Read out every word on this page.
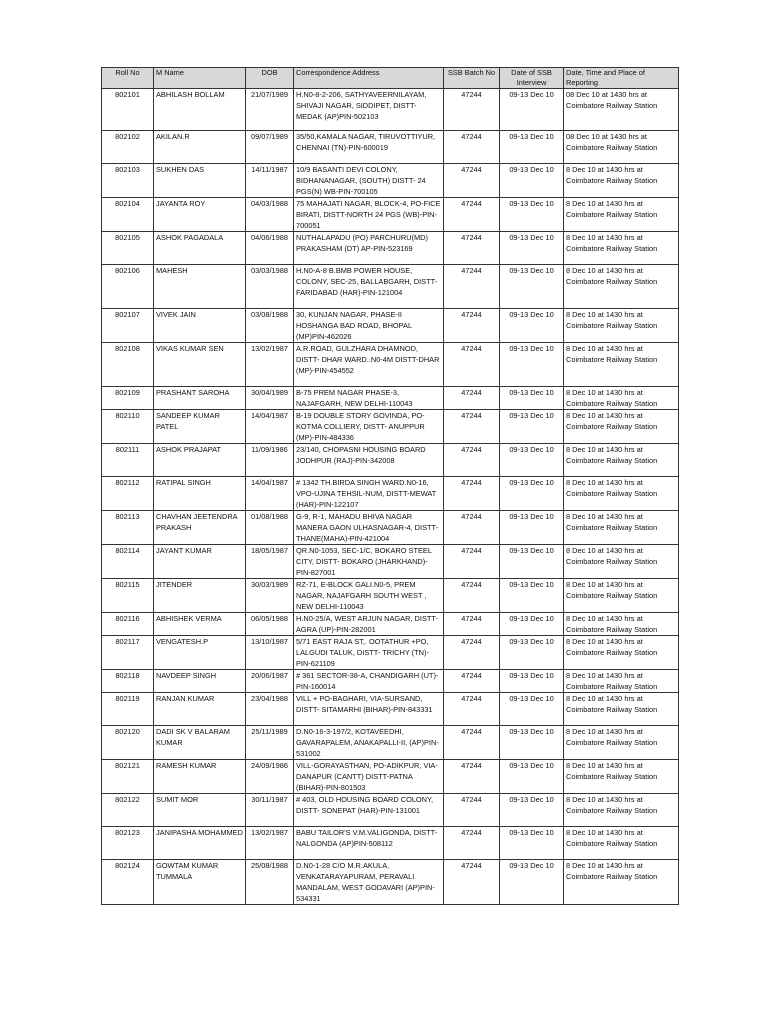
Roll No	M Name	DOB	Correspondence Address	SSB Batch No	Date of SSB Interview	Date, Time and Place of Reporting
802101	ABHILASH BOLLAM	21/07/1989	H.N0-8-2-206, SATHYAVEERNILAYAM, SHIVAJI NAGAR, SIDDIPET, DISTT- MEDAK (AP)PIN-502103	47244	09-13 Dec 10	08 Dec 10 at 1430 hrs at Coimbatore Railway Station
802102	AKILAN.R	09/07/1989	35/50,KAMALA NAGAR, TIRUVOTTIYUR, CHENNAI (TN)-PIN-600019	47244	09-13 Dec 10	08 Dec 10 at 1430 hrs at Coimbatore Railway Station
802103	SUKHEN DAS	14/11/1987	10/9 BASANTI DEVI COLONY, BIDHANANAGAR, (SOUTH) DISTT- 24 PGS(N) WB-PIN-700105	47244	09-13 Dec 10	8 Dec 10 at 1430 hrs at Coimbatore Railway Station
802104	JAYANTA ROY	04/03/1988	75 MAHAJATI NAGAR, BLOCK-4, PO-FICE BIRATI, DISTT-NORTH 24 PGS (WB)-PIN-700051	47244	09-13 Dec 10	8 Dec 10 at 1430 hrs at Coimbatore Railway Station
802105	ASHOK PAGADALA	04/06/1988	NUTHALAPADU (PO) PARCHURU(MD) PRAKASHAM (DT) AP-PIN-523169	47244	09-13 Dec 10	8 Dec 10 at 1430 hrs at Coimbatore Railway Station
802106	MAHESH	03/03/1988	H.N0-A-8 B.BMB POWER HOUSE, COLONY, SEC-25, BALLABGARH, DISTT- FARIDABAD (HAR)-PIN-121004	47244	09-13 Dec 10	8 Dec 10 at 1430 hrs at Coimbatore Railway Station
802107	VIVEK JAIN	03/08/1988	30, KUNJAN NAGAR, PHASE-II HOSHANGA BAD ROAD, BHOPAL (MP)PIN-462026	47244	09-13 Dec 10	8 Dec 10 at 1430 hrs at Coimbatore Railway Station
802108	VIKAS KUMAR SEN	13/02/1987	A.R.ROAD, GULZHARA DHAMNOD, DISTT- DHAR WARD..N0-4M DISTT-DHAR (MP)-PIN-454552	47244	09-13 Dec 10	8 Dec 10 at 1430 hrs at Coimbatore Railway Station
802109	PRASHANT SAROHA	30/04/1989	B-75 PREM NAGAR PHASE-3, NAJAFGARH, NEW DELHI-110043	47244	09-13 Dec 10	8 Dec 10 at 1430 hrs at Coimbatore Railway Station
802110	SANDEEP KUMAR PATEL	14/04/1987	B-19 DOUBLE STORY GOVINDA, PO-KOTMA COLLIERY, DISTT- ANUPPUR (MP)-PIN-484336	47244	09-13 Dec 10	8 Dec 10 at 1430 hrs at Coimbatore Railway Station
802111	ASHOK PRAJAPAT	11/09/1986	23/140, CHOPASNI HOUSING BOARD JODHPUR (RAJ)-PIN-342008	47244	09-13 Dec 10	8 Dec 10 at 1430 hrs at Coimbatore Railway Station
802112	RATIPAL SINGH	14/04/1987	# 1342 TH.BIRDA SINGH WARD.N0-16, VPO-UJINA TEHSIL-NUM, DISTT-MEWAT (HAR)-PIN-122107	47244	09-13 Dec 10	8 Dec 10 at 1430 hrs at Coimbatore Railway Station
802113	CHAVHAN JEETENDRA PRAKASH	01/08/1988	G-9, R-1, MAHADU BHIVA NAGAR MANERA GAON ULHASNAGAR-4, DISTT-THANE(MAHA)-PIN-421004	47244	09-13 Dec 10	8 Dec 10 at 1430 hrs at Coimbatore Railway Station
802114	JAYANT KUMAR	18/05/1987	QR.N0-1053, SEC-1/C, BOKARO STEEL CITY, DISTT- BOKARO (JHARKHAND)-PIN-827001	47244	09-13 Dec 10	8 Dec 10 at 1430 hrs at Coimbatore Railway Station
802115	JITENDER	30/03/1989	RZ-71, E-BLOCK GALI.N0-5, PREM NAGAR, NAJAFGARH SOUTH WEST , NEW DELHI-110043	47244	09-13 Dec 10	8 Dec 10 at 1430 hrs at Coimbatore Railway Station
802116	ABHISHEK VERMA	06/05/1988	H.N0-25/A, WEST ARJUN NAGAR, DISTT- AGRA (UP)-PIN-282001	47244	09-13 Dec 10	8 Dec 10 at 1430 hrs at Coimbatore Railway Station
802117	VENGATESH.P	13/10/1987	5/71 EAST RAJA ST,. OOTATHUR +PO, LALGUDI TALUK, DISTT- TRICHY (TN)-PIN-621109	47244	09-13 Dec 10	8 Dec 10 at 1430 hrs at Coimbatore Railway Station
802118	NAVDEEP SINGH	20/06/1987	# 361 SECTOR-38-A, CHANDIGARH (UT)-PIN-160014	47244	09-13 Dec 10	8 Dec 10 at 1430 hrs at Coimbatore Railway Station
802119	RANJAN KUMAR	23/04/1988	VILL + PO-BAGHARI, VIA-SURSAND, DISTT- SITAMARHI (BIHAR)-PIN-843331	47244	09-13 Dec 10	8 Dec 10 at 1430 hrs at Coimbatore Railway Station
802120	DADI SK V BALARAM KUMAR	25/11/1989	D.N0-16-3-197/2, KOTAVEEDHI, GAVARAPALEM, ANAKAPALLI-II, (AP)PIN-531002	47244	09-13 Dec 10	8 Dec 10 at 1430 hrs at Coimbatore Railway Station
802121	RAMESH KUMAR	24/09/1986	VILL-GORAYASTHAN, PO-ADIKPUR, VIA-DANAPUR (CANTT) DISTT-PATNA (BIHAR)-PIN-801503	47244	09-13 Dec 10	8 Dec 10 at 1430 hrs at Coimbatore Railway Station
802122	SUMIT MOR	30/11/1987	# 403, OLD HOUSING BOARD COLONY, DISTT- SONEPAT (HAR)-PIN-131001	47244	09-13 Dec 10	8 Dec 10 at 1430 hrs at Coimbatore Railway Station
802123	JANIPASHA MOHAMMED	13/02/1987	BABU TAILOR'S V.M.VALIGONDA, DISTT- NALGONDA (AP)PIN-508112	47244	09-13 Dec 10	8 Dec 10 at 1430 hrs at Coimbatore Railway Station
802124	GOWTAM KUMAR TUMMALA	25/08/1988	D.N0-1-28 C/O M.R.AKULA, VENKATARAYAPURAM, PERAVALI MANDALAM, WEST GODAVARI (AP)PIN-534331	47244	09-13 Dec 10	8 Dec 10 at 1430 hrs at Coimbatore Railway Station
